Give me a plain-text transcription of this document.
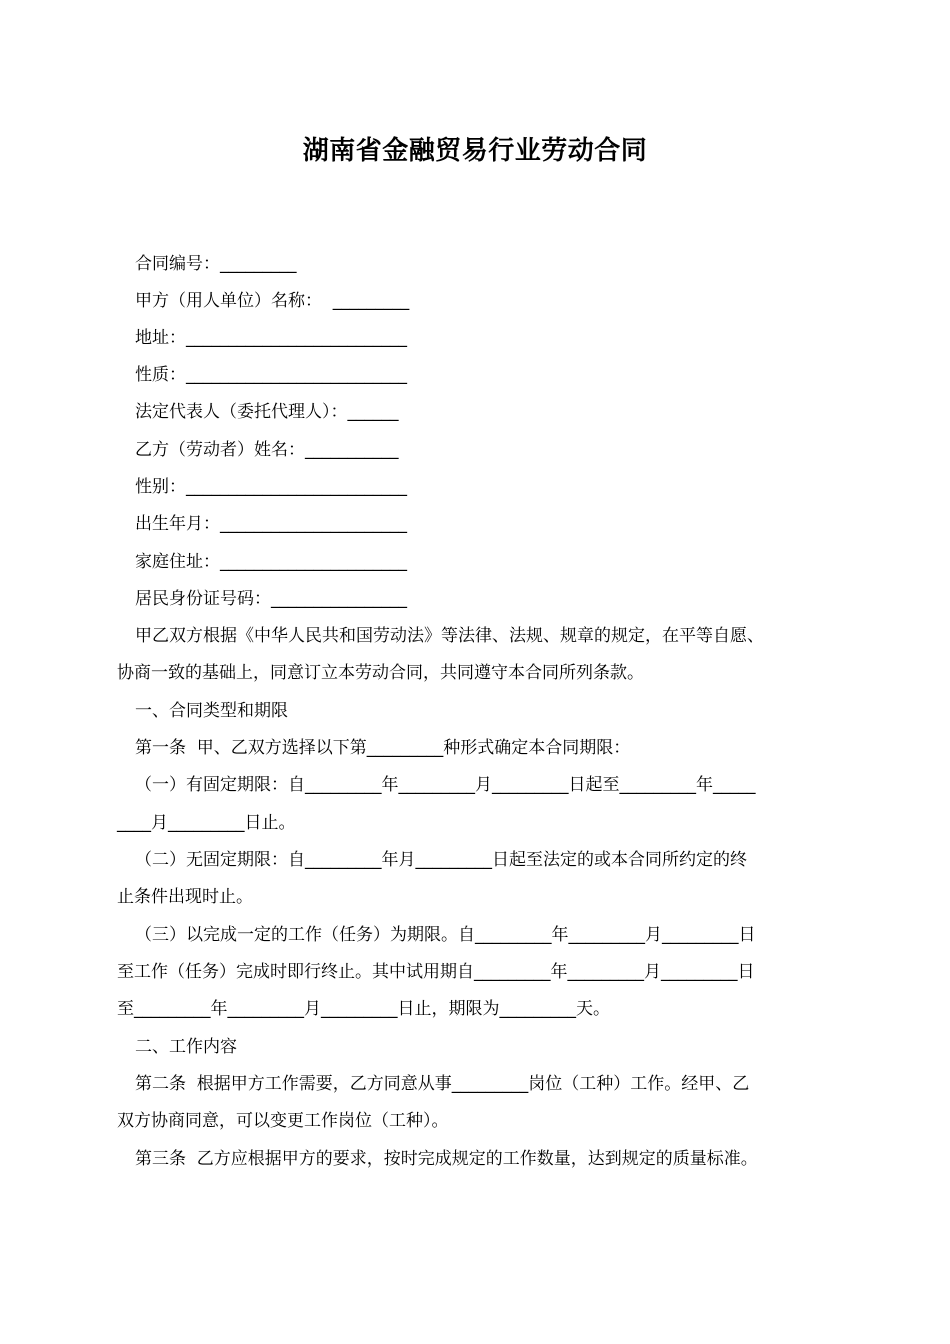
湖南省金融贸易行业劳动合同
合同编号：_________
甲方（用人单位）名称：  _________
地址：__________________________
性质：__________________________
法定代表人（委托代理人）：______
乙方（劳动者）姓名：___________
性别：__________________________
出生年月：______________________
家庭住址：______________________
居民身份证号码：________________
甲乙双方根据《中华人民共和国劳动法》等法律、法规、规章的规定，在平等自愿、
协商一致的基础上，同意订立本劳动合同，共同遵守本合同所列条款。
一、合同类型和期限
第一条  甲、乙双方选择以下第_________种形式确定本合同期限：
（一）有固定期限：自_________年_________月_________日起至_________年_____
____月_________日止。
（二）无固定期限：自_________年月_________日起至法定的或本合同所约定的终
止条件出现时止。
（三）以完成一定的工作（任务）为期限。自_________年_________月_________日
至工作（任务）完成时即行终止。其中试用期自_________年_________月_________日
至_________年_________月_________日止，期限为_________天。
二、工作内容
第二条  根据甲方工作需要，乙方同意从事_________岗位（工种）工作。经甲、乙
双方协商同意，可以变更工作岗位（工种）。
第三条  乙方应根据甲方的要求，按时完成规定的工作数量，达到规定的质量标准。
